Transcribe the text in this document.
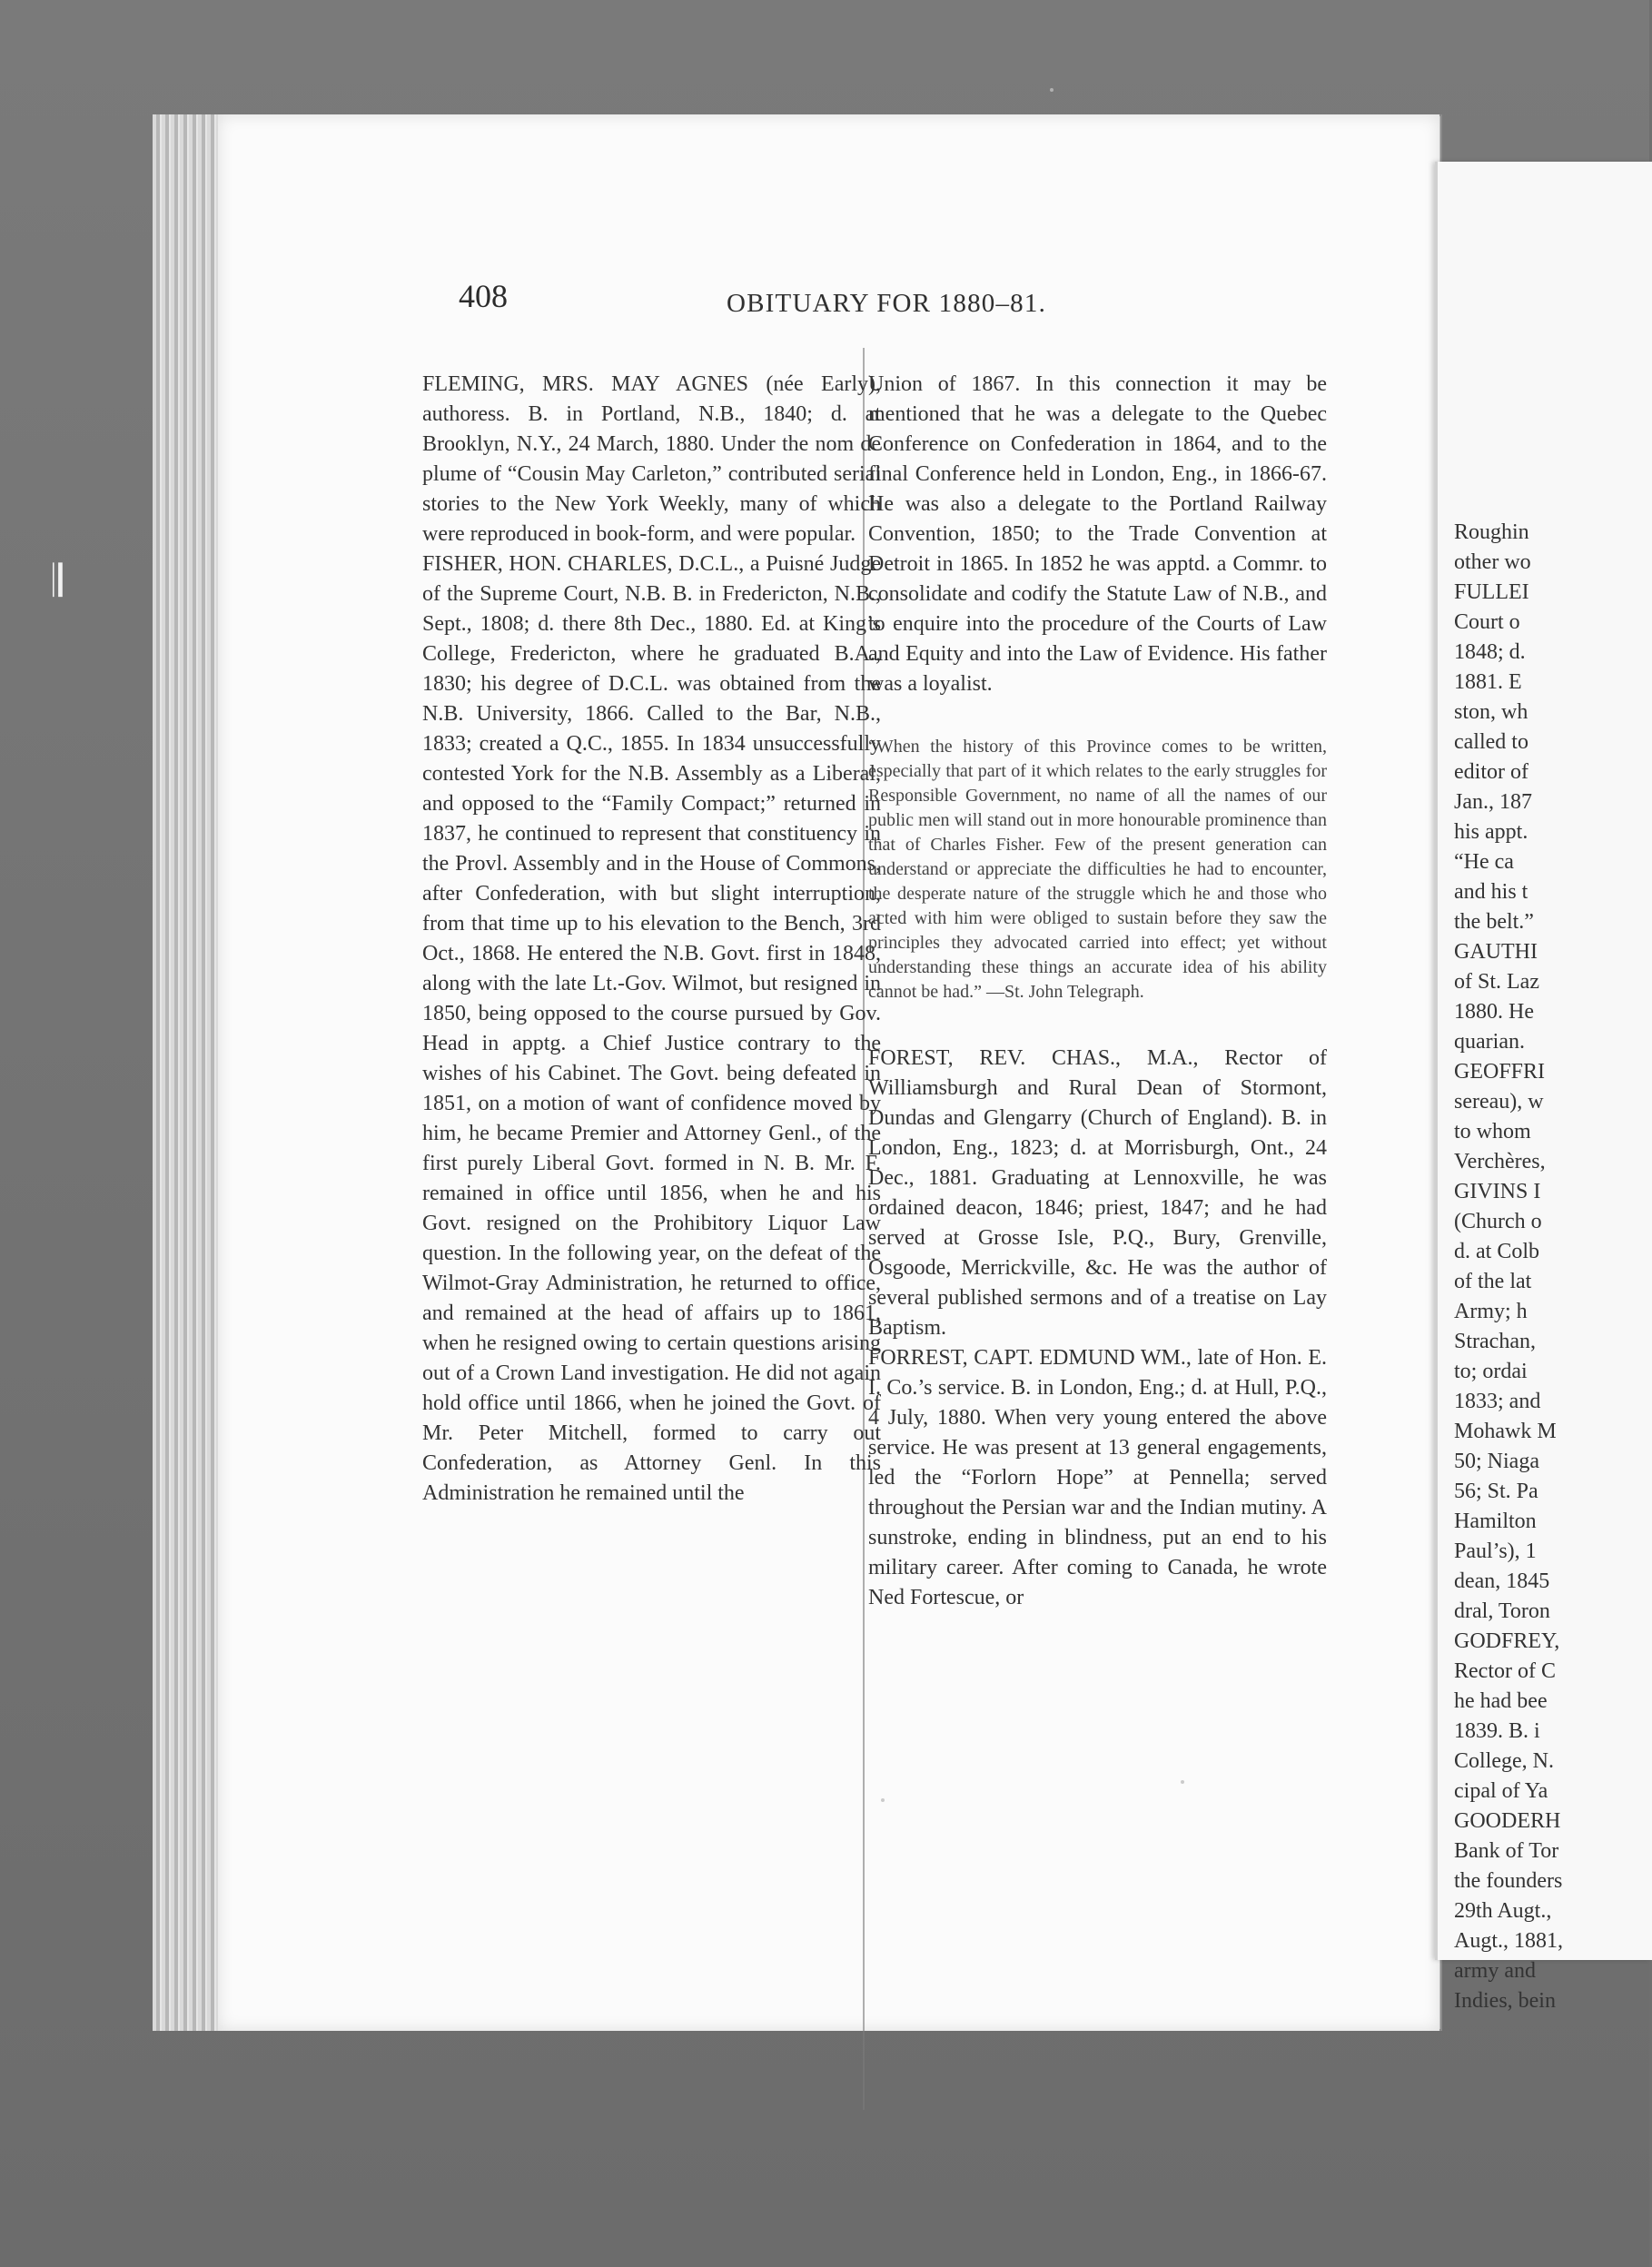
Roughin
other wo
FULLEI
Court o
1848; d.
1881. E
ston, wh
called to
editor of
Jan., 187
his appt.
“He ca
and his t
the belt.”
GAUTHI
of St. Laz
1880. He
quarian.
GEOFFRI
sereau), w
to whom
Verchères,
GIVINS I
(Church o
d. at Colb
of the lat
Army; h
Strachan,
to; ordai
1833; and
Mohawk M
50; Niaga
56; St. Pa
Hamilton
Paul’s), 1
dean, 1845
dral, Toron
GODFREY,
Rector of C
he had bee
1839. B. i
College, N.
cipal of Ya
GOODERH
Bank of Tor
the founders
29th Augt.,
Augt., 1881,
army and
Indies, bein
𝄂
408	OBITUARY FOR 1880–81.

FLEMING, MRS. MAY AGNES (née Early), authoress. B. in Portland, N.B., 1840; d. at Brooklyn, N.Y., 24 March, 1880. Under the nom de plume of “Cousin May Carleton,” contributed serial stories to the New York Weekly, many of which were reproduced in book-form, and were popular.
FISHER, HON. CHARLES, D.C.L., a Puisné Judge of the Supreme Court, N.B. B. in Fredericton, N.B., Sept., 1808; d. there 8th Dec., 1880. Ed. at King’s College, Fredericton, where he graduated B.A., 1830; his degree of D.C.L. was obtained from the N.B. University, 1866. Called to the Bar, N.B., 1833; created a Q.C., 1855. In 1834 unsuccessfully contested York for the N.B. Assembly as a Liberal, and opposed to the “Family Compact;” returned in 1837, he continued to represent that constituency in the Provl. Assembly and in the House of Commons, after Confederation, with but slight interruption, from that time up to his elevation to the Bench, 3rd Oct., 1868. He entered the N.B. Govt. first in 1848, along with the late Lt.-Gov. Wilmot, but resigned in 1850, being opposed to the course pursued by Gov. Head in apptg. a Chief Justice contrary to the wishes of his Cabinet. The Govt. being defeated in 1851, on a motion of want of confidence moved by him, he became Premier and Attorney Genl., of the first purely Liberal Govt. formed in N. B. Mr. F. remained in office until 1856, when he and his Govt. resigned on the Prohibitory Liquor Law question. In the following year, on the defeat of the Wilmot-Gray Administration, he returned to office, and remained at the head of affairs up to 1861, when he resigned owing to certain questions arising out of a Crown Land investigation. He did not again hold office until 1866, when he joined the Govt. of Mr. Peter Mitchell, formed to carry out Confederation, as Attorney Genl. In this Administration he remained until the

Union of 1867. In this connection it may be mentioned that he was a delegate to the Quebec Conference on Confederation in 1864, and to the final Conference held in London, Eng., in 1866-67. He was also a delegate to the Portland Railway Convention, 1850; to the Trade Convention at Detroit in 1865. In 1852 he was apptd. a Commr. to consolidate and codify the Statute Law of N.B., and to enquire into the procedure of the Courts of Law and Equity and into the Law of Evidence. His father was a loyalist.

“When the history of this Province comes to be written, especially that part of it which relates to the early struggles for Responsible Government, no name of all the names of our public men will stand out in more honourable prominence than that of Charles Fisher. Few of the present generation can understand or appreciate the difficulties he had to encounter, the desperate nature of the struggle which he and those who acted with him were obliged to sustain before they saw the principles they advocated carried into effect; yet without understanding these things an accurate idea of his ability cannot be had.” —St. John Telegraph.

FOREST, REV. CHAS., M.A., Rector of Williamsburgh and Rural Dean of Stormont, Dundas and Glengarry (Church of England). B. in London, Eng., 1823; d. at Morrisburgh, Ont., 24 Dec., 1881. Graduating at Lennoxville, he was ordained deacon, 1846; priest, 1847; and he had served at Grosse Isle, P.Q., Bury, Grenville, Osgoode, Merrickville, &c. He was the author of several published sermons and of a treatise on Lay Baptism.
FORREST, CAPT. EDMUND WM., late of Hon. E. I. Co.’s service. B. in London, Eng.; d. at Hull, P.Q., 4 July, 1880. When very young entered the above service. He was present at 13 general engagements, led the “Forlorn Hope” at Pennella; served throughout the Persian war and the Indian mutiny. A sunstroke, ending in blindness, put an end to his military career. After coming to Canada, he wrote Ned Fortescue, or
